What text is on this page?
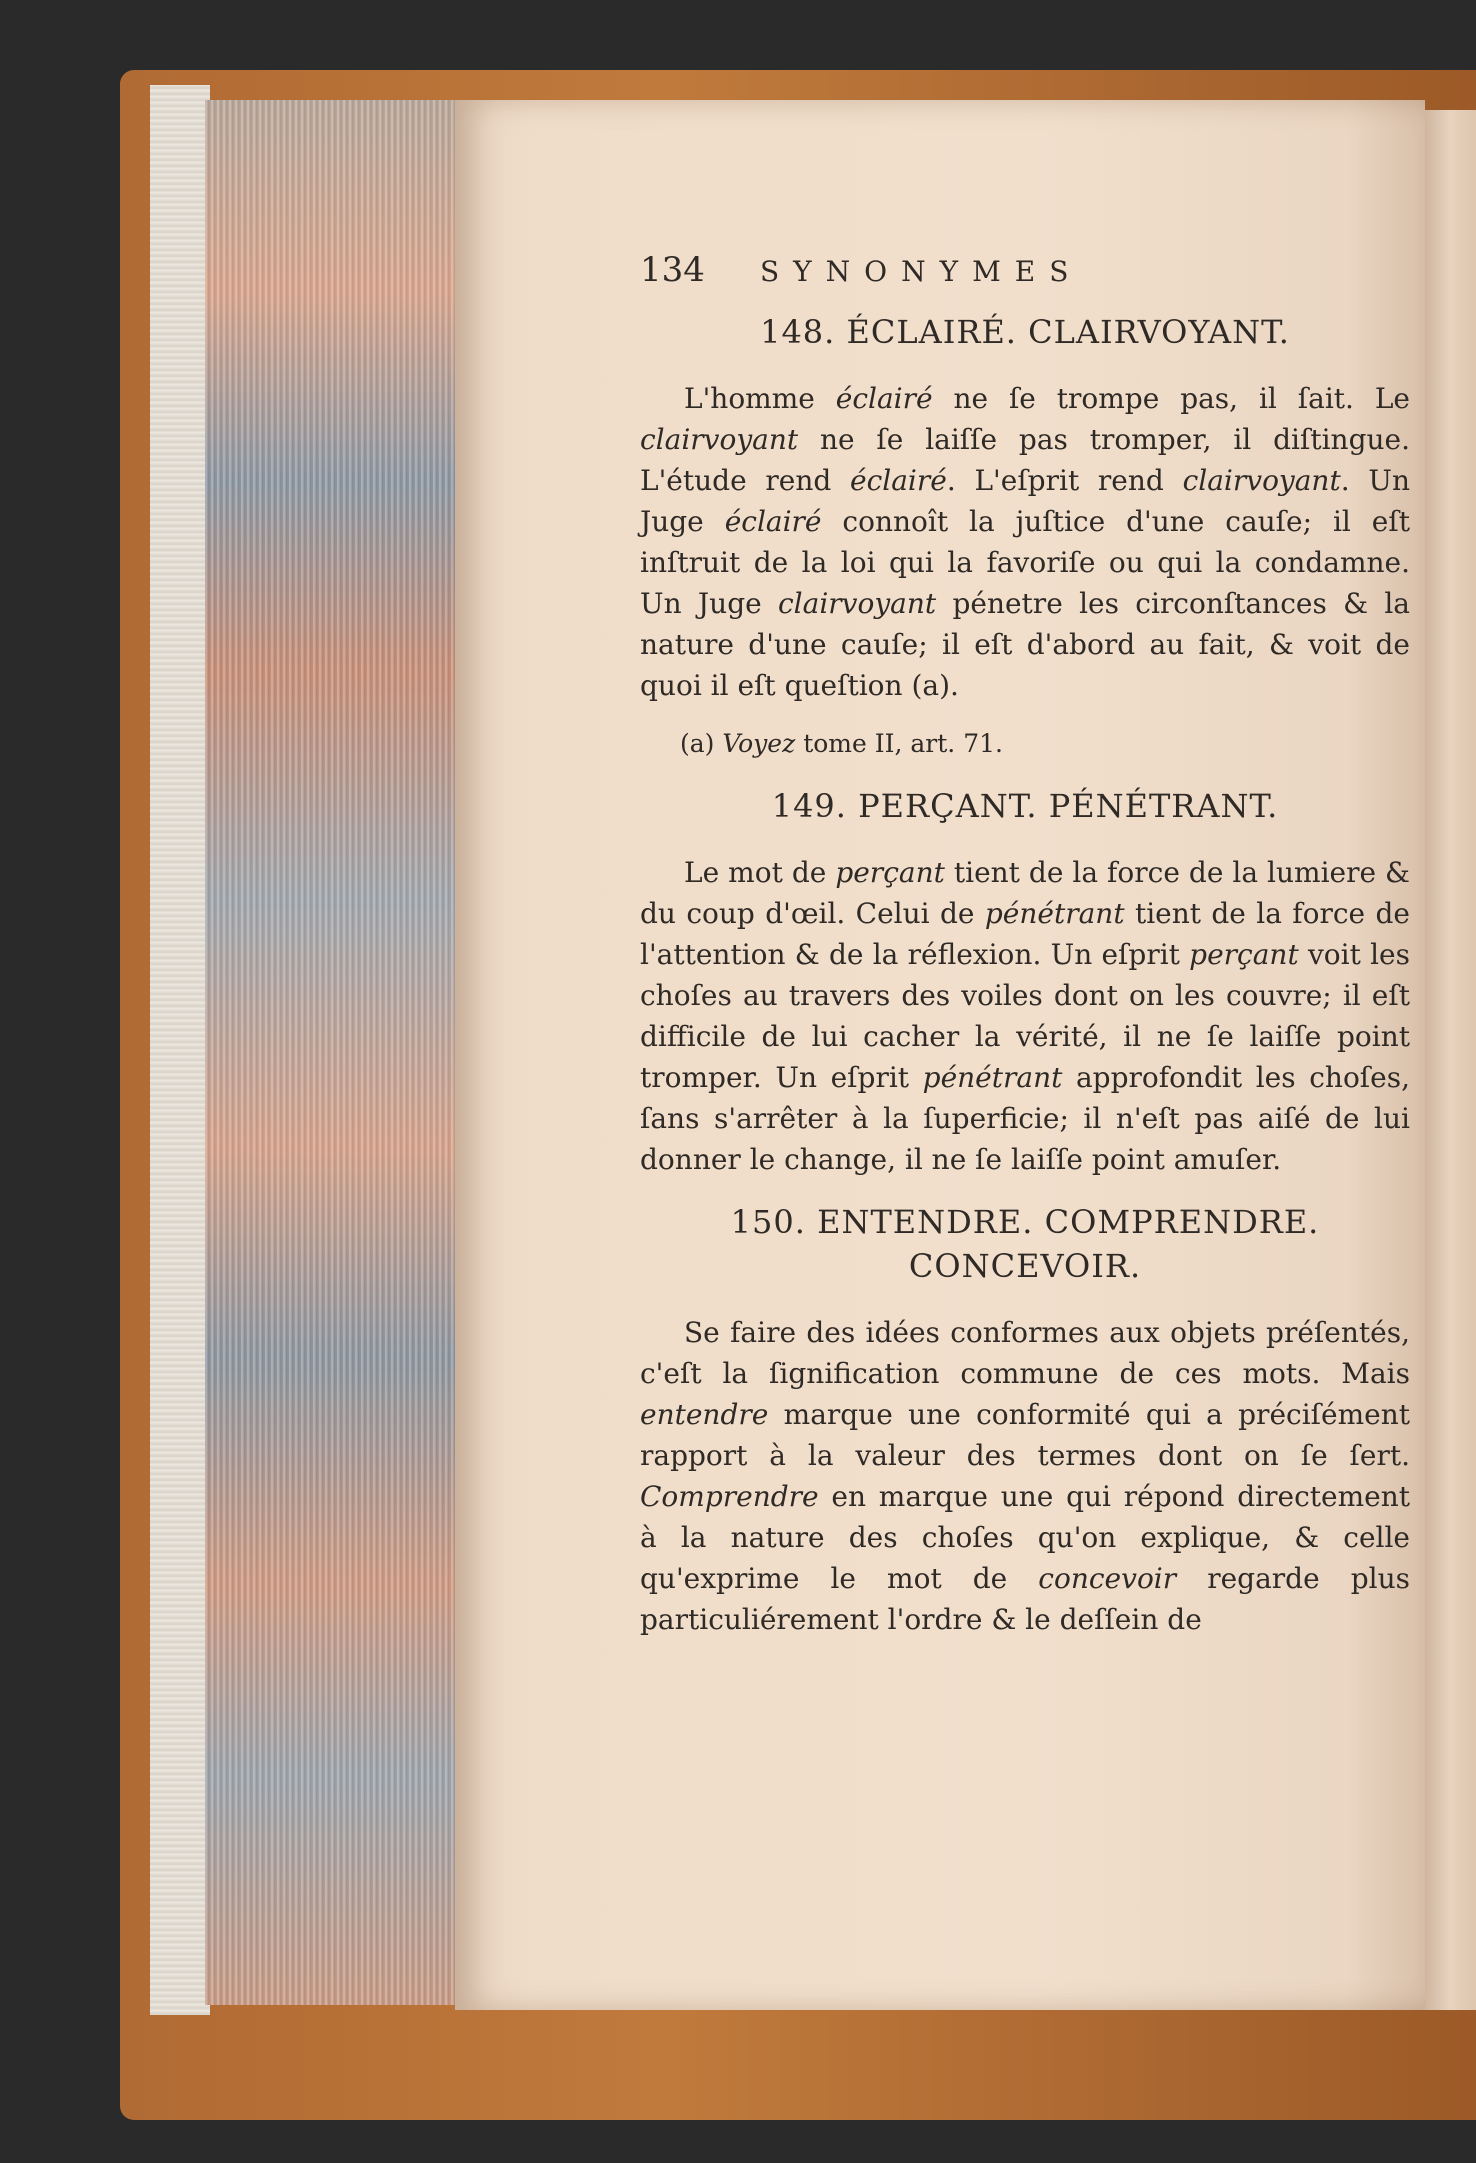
134	SYNONYMES
148. ÉCLAIRÉ. CLAIRVOYANT.

L'homme éclairé ne ſe trompe pas, il ſait. Le clairvoyant ne ſe laiſſe pas tromper, il diſtingue. L'étude rend éclairé. L'eſprit rend clairvoyant. Un Juge éclairé connoît la juſtice d'une cauſe; il eſt inſtruit de la loi qui la favoriſe ou qui la condamne. Un Juge clairvoyant pénetre les circonſtances & la nature d'une cauſe; il eſt d'abord au fait, & voit de quoi il eſt queſtion (a).

(a) Voyez tome II, art. 71.
149. PERÇANT. PÉNÉTRANT.

Le mot de perçant tient de la force de la lumiere & du coup d'œil. Celui de pénétrant tient de la force de l'attention & de la réflexion. Un eſprit perçant voit les choſes au travers des voiles dont on les couvre; il eſt difficile de lui cacher la vérité, il ne ſe laiſſe point tromper. Un eſprit pénétrant approfondit les choſes, ſans s'arrêter à la ſuperficie; il n'eſt pas aiſé de lui donner le change, il ne ſe laiſſe point amuſer.

150. ENTENDRE. COMPRENDRE. CONCEVOIR.

Se faire des idées conformes aux objets préſentés, c'eſt la ſignification commune de ces mots. Mais entendre marque une conformité qui a préciſément rapport à la valeur des termes dont on ſe ſert. Comprendre en marque une qui répond directement à la nature des choſes qu'on explique, & celle qu'exprime le mot de concevoir regarde plus particuliérement l'ordre & le deſſein de
